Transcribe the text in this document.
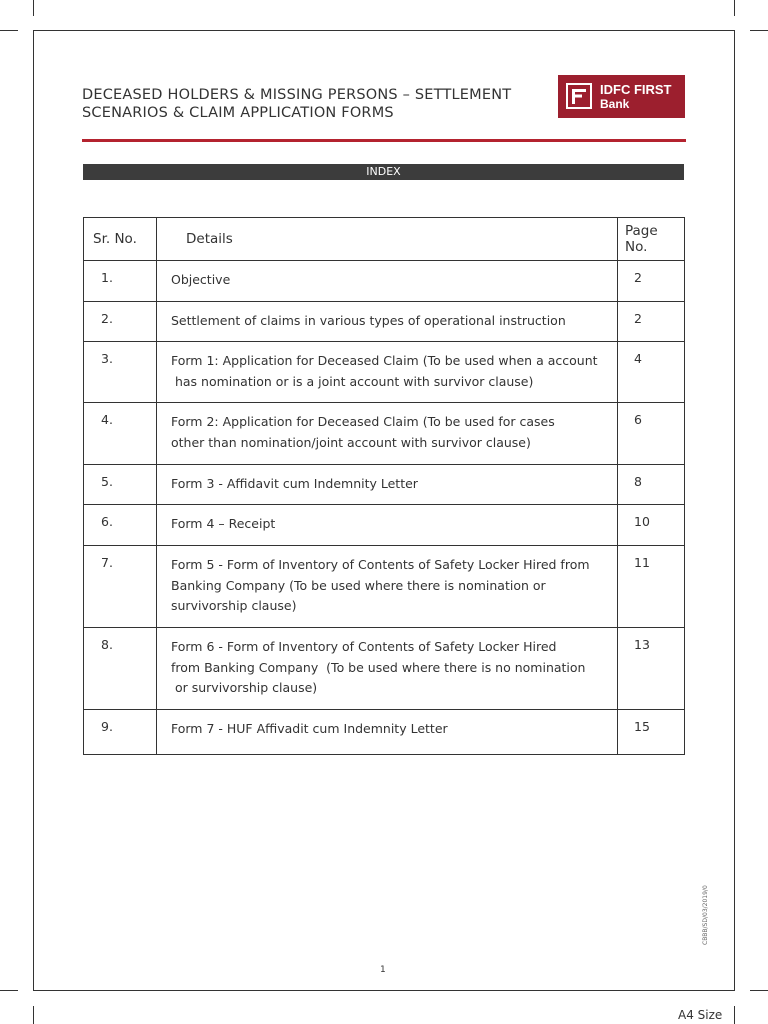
DECEASED HOLDERS & MISSING PERSONS – SETTLEMENT
SCENARIOS & CLAIM APPLICATION FORMS
IDFC FIRST
Bank
INDEX
Sr. No.	Details	Page No.
1.	Objective	2
2.	Settlement of claims in various types of operational instruction	2
3.	Form 1: Application for Deceased Claim (To be used when a account
has nomination or is a joint account with survivor clause)	4
4.	Form 2: Application for Deceased Claim (To be used for cases
other than nomination/joint account with survivor clause)	6
5.	Form 3 - Affidavit cum Indemnity Letter	8
6.	Form 4 – Receipt	10
7.	Form 5 - Form of Inventory of Contents of Safety Locker Hired from
Banking Company (To be used where there is nomination or
survivorship clause)	11
8.	Form 6 - Form of Inventory of Contents of Safety Locker Hired
from Banking Company  (To be used where there is no nomination
or survivorship clause)	13
9.	Form 7 - HUF Affivadit cum Indemnity Letter	15
CBBB/SD/03/2019/0
1
A4 Size
